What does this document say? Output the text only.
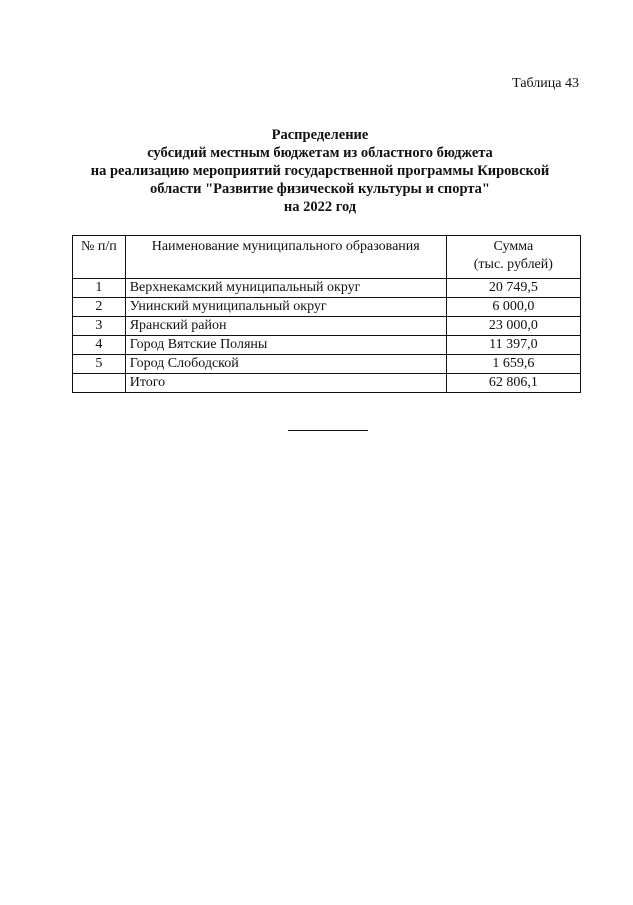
Таблица 43
Распределение
субсидий местным бюджетам из областного бюджета
на реализацию мероприятий государственной программы Кировской
области "Развитие физической культуры и спорта"
на 2022 год
№ п/п	Наименование муниципального образования	Сумма
(тыс. рублей)

1	Верхнекамский муниципальный округ	20 749,5
2	Унинский муниципальный округ	6 000,0
3	Яранский район	23 000,0
4	Город Вятские Поляны	11 397,0
5	Город Слободской	1 659,6
	Итого	62 806,1
